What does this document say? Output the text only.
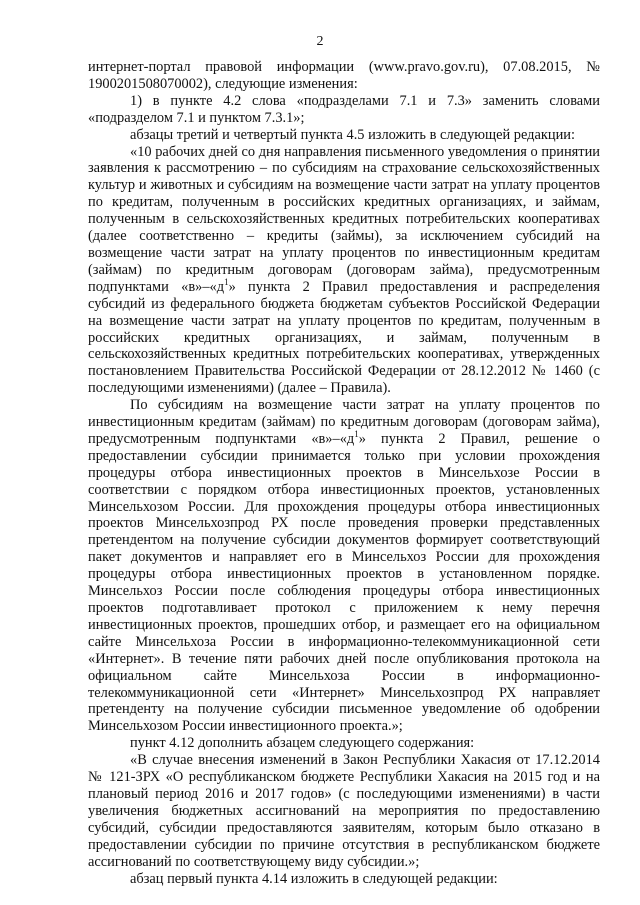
2

интернет-портал правовой информации (www.pravo.gov.ru), 07.08.2015, № 1900201508070002), следующие изменения:

1) в пункте 4.2 слова «подразделами 7.1 и 7.3» заменить словами «подразделом 7.1 и пунктом 7.3.1»;

абзацы третий и четвертый пункта 4.5 изложить в следующей редакции:

«10 рабочих дней со дня направления письменного уведомления о принятии заявления к рассмотрению – по субсидиям на страхование сельскохозяйственных культур и животных и субсидиям на возмещение части затрат на уплату процентов по кредитам, полученным в российских кредитных организациях, и займам, полученным в сельскохозяйственных кредитных потребительских кооперативах (далее соответственно – кредиты (займы), за исключением субсидий на возмещение части затрат на уплату процентов по инвестиционным кредитам (займам) по кредитным договорам (договорам займа), предусмотренным подпунктами «$в»-«д^1$» пункта 2 Правил предоставления и распределения субсидий из федерального бюджета бюджетам субъектов Российской Федерации на возмещение части затрат на уплату процентов по кредитам, полученным в российских кредитных организациях, и займам, полученным в сельскохозяйственных кредитных потребительских кооперативах, утвержденных постановлением Правительства Российской Федерации от 28.12.2012 № 1460 (с последующими изменениями) (далее – Правила).

По субсидиям на возмещение части затрат на уплату процентов по инвестиционным кредитам (займам) по кредитным договорам (договорам займа), предусмотренным подпунктами «$в»-«д^1$» пункта 2 Правил, решение о предоставлении субсидии принимается только при условии прохождения процедуры отбора инвестиционных проектов в Минсельхозе России в соответствии с порядком отбора инвестиционных проектов, установленных Минсельхозом России. Для прохождения процедуры отбора инвестиционных проектов Минсельхозпрод РХ после проведения проверки представленных претендентом на получение субсидии документов формирует соответствующий пакет документов и направляет его в Минсельхоз России для прохождения процедуры отбора инвестиционных проектов в установленном порядке. Минсельхоз России после соблюдения процедуры отбора инвестиционных проектов подготавливает протокол с приложением к нему перечня инвестиционных проектов, прошедших отбор, и размещает его на официальном сайте Минсельхоза России в информационно-телекоммуникационной сети «Интернет». В течение пяти рабочих дней после опубликования протокола на официальном сайте Минсельхоза России в информационно-телекоммуникационной сети «Интернет» Минсельхозпрод РХ направляет претенденту на получение субсидии письменное уведомление об одобрении Минсельхозом России инвестиционного проекта.»;

пункт 4.12 дополнить абзацем следующего содержания:

«В случае внесения изменений в Закон Республики Хакасия от 17.12.2014 № 121-ЗРХ «О республиканском бюджете Республики Хакасия на 2015 год и на плановый период 2016 и 2017 годов» (с последующими изменениями) в части увеличения бюджетных ассигнований на мероприятия по предоставлению субсидий, субсидии предоставляются заявителям, которым было отказано в предоставлении субсидии по причине отсутствия в республиканском бюджете ассигнований по соответствующему виду субсидии.»;

абзац первый пункта 4.14 изложить в следующей редакции:
